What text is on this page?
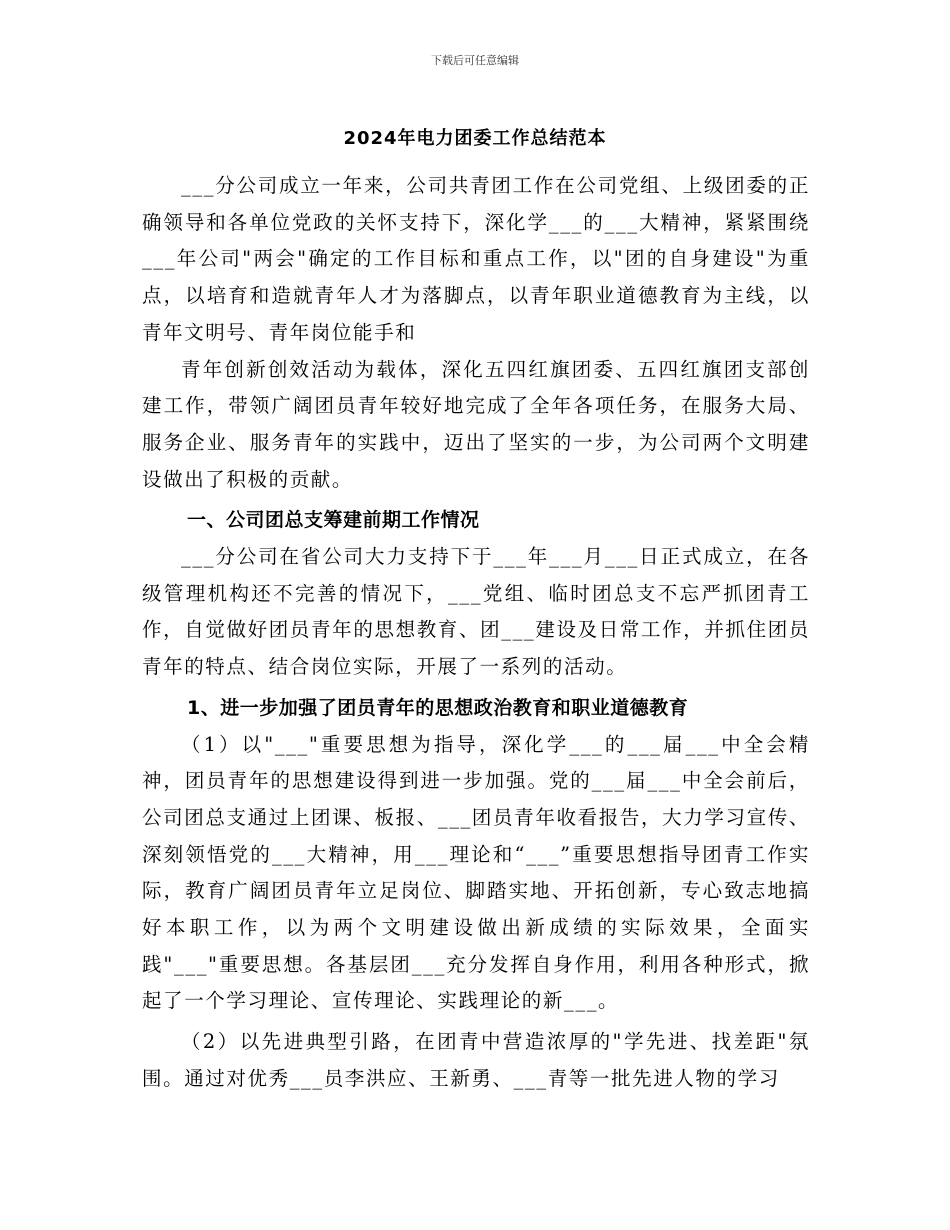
下载后可任意编辑
2024年电力团委工作总结范本

___分公司成立一年来，公司共青团工作在公司党组、上级团委的正确领导和各单位党政的关怀支持下，深化学___的___大精神，紧紧围绕___年公司"两会"确定的工作目标和重点工作，以"团的自身建设"为重点，以培育和造就青年人才为落脚点，以青年职业道德教育为主线，以青年文明号、青年岗位能手和

青年创新创效活动为载体，深化五四红旗团委、五四红旗团支部创建工作，带领广阔团员青年较好地完成了全年各项任务，在服务大局、服务企业、服务青年的实践中，迈出了坚实的一步，为公司两个文明建设做出了积极的贡献。

一、公司团总支筹建前期工作情况

___分公司在省公司大力支持下于___年___月___日正式成立，在各级管理机构还不完善的情况下，___党组、临时团总支不忘严抓团青工作，自觉做好团员青年的思想教育、团___建设及日常工作，并抓住团员青年的特点、结合岗位实际，开展了一系列的活动。

1、进一步加强了团员青年的思想政治教育和职业道德教育

（1）以"___"重要思想为指导，深化学___的___届___中全会精神，团员青年的思想建设得到进一步加强。党的___届___中全会前后，公司团总支通过上团课、板报、___团员青年收看报告，大力学习宣传、深刻领悟党的___大精神，用___理论和“___”重要思想指导团青工作实际，教育广阔团员青年立足岗位、脚踏实地、开拓创新，专心致志地搞好本职工作，以为两个文明建设做出新成绩的实际效果，全面实践"___"重要思想。各基层团___充分发挥自身作用，利用各种形式，掀起了一个学习理论、宣传理论、实践理论的新___。

（2）以先进典型引路，在团青中营造浓厚的"学先进、找差距"氛围。通过对优秀___员李洪应、王新勇、___青等一批先进人物的学习
